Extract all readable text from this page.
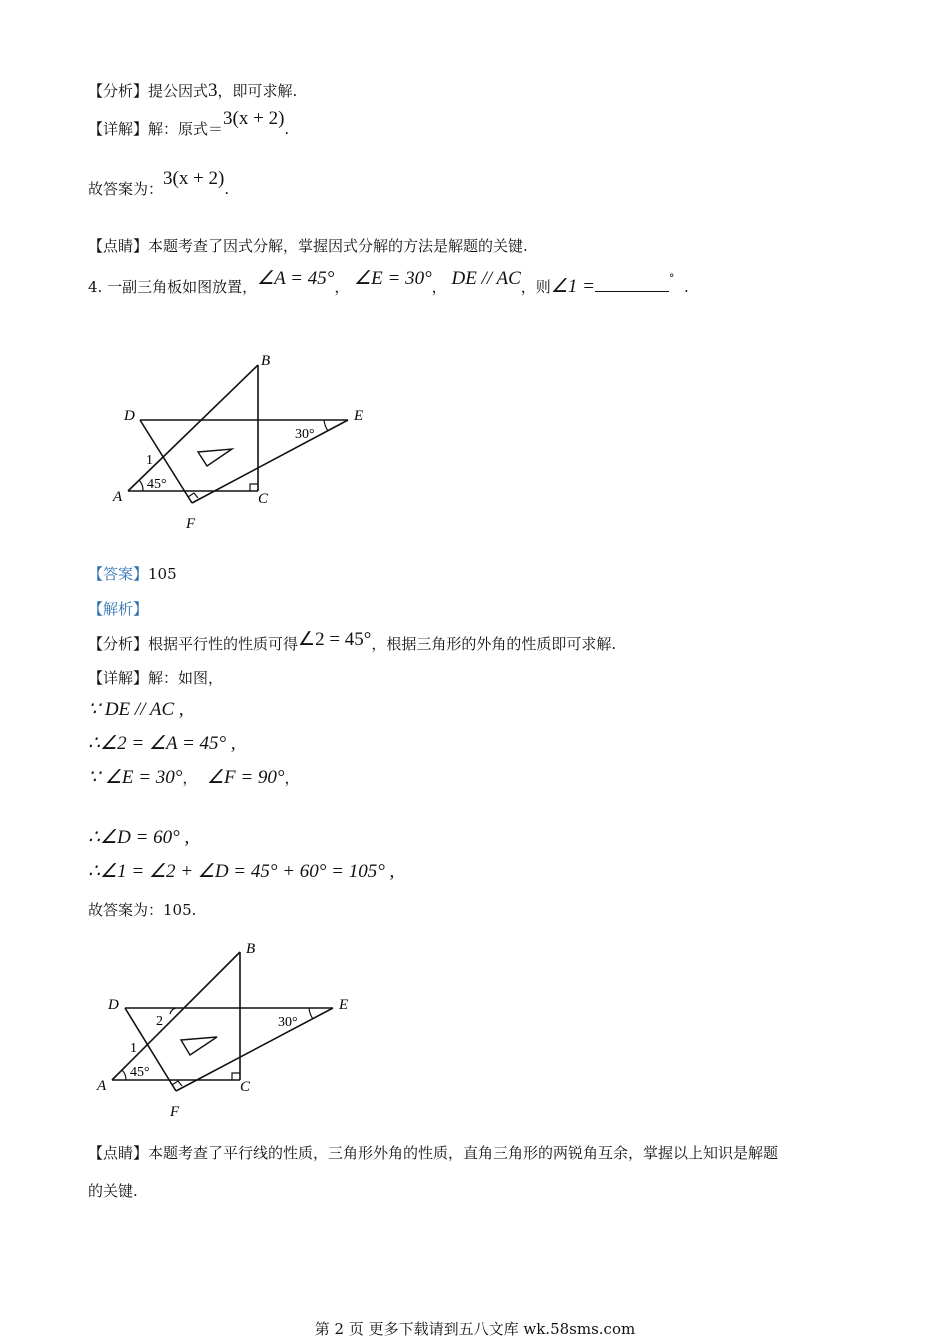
【分析】提公因式3，即可求解.
【详解】解：原式＝3(x + 2).
故答案为：3(x + 2).
【点睛】本题考查了因式分解，掌握因式分解的方法是解题的关键.
4. 一副三角板如图放置，∠A = 45°， ∠E = 30°， DE // AC，则∠1 =	° .
B
D	E
30°
1
45°
A	C
F
【答案】105
【解析】
【分析】根据平行性的性质可得∠2 = 45°，根据三角形的外角的性质即可求解.
【详解】解：如图，
∵ DE // AC ,
∴∠2 = ∠A = 45° ,
∵ ∠E = 30°， ∠F = 90°，
∴∠D = 60° ,
∴∠1 = ∠2 + ∠D = 45° + 60° = 105° ,
故答案为：105.
B
D	E
2	30°
1
45°
A	C
F
【点睛】本题考查了平行线的性质，三角形外角的性质，直角三角形的两锐角互余，掌握以上知识是解题
的关键.
第 2 页 更多下载请到五八文库 wk.58sms.com
